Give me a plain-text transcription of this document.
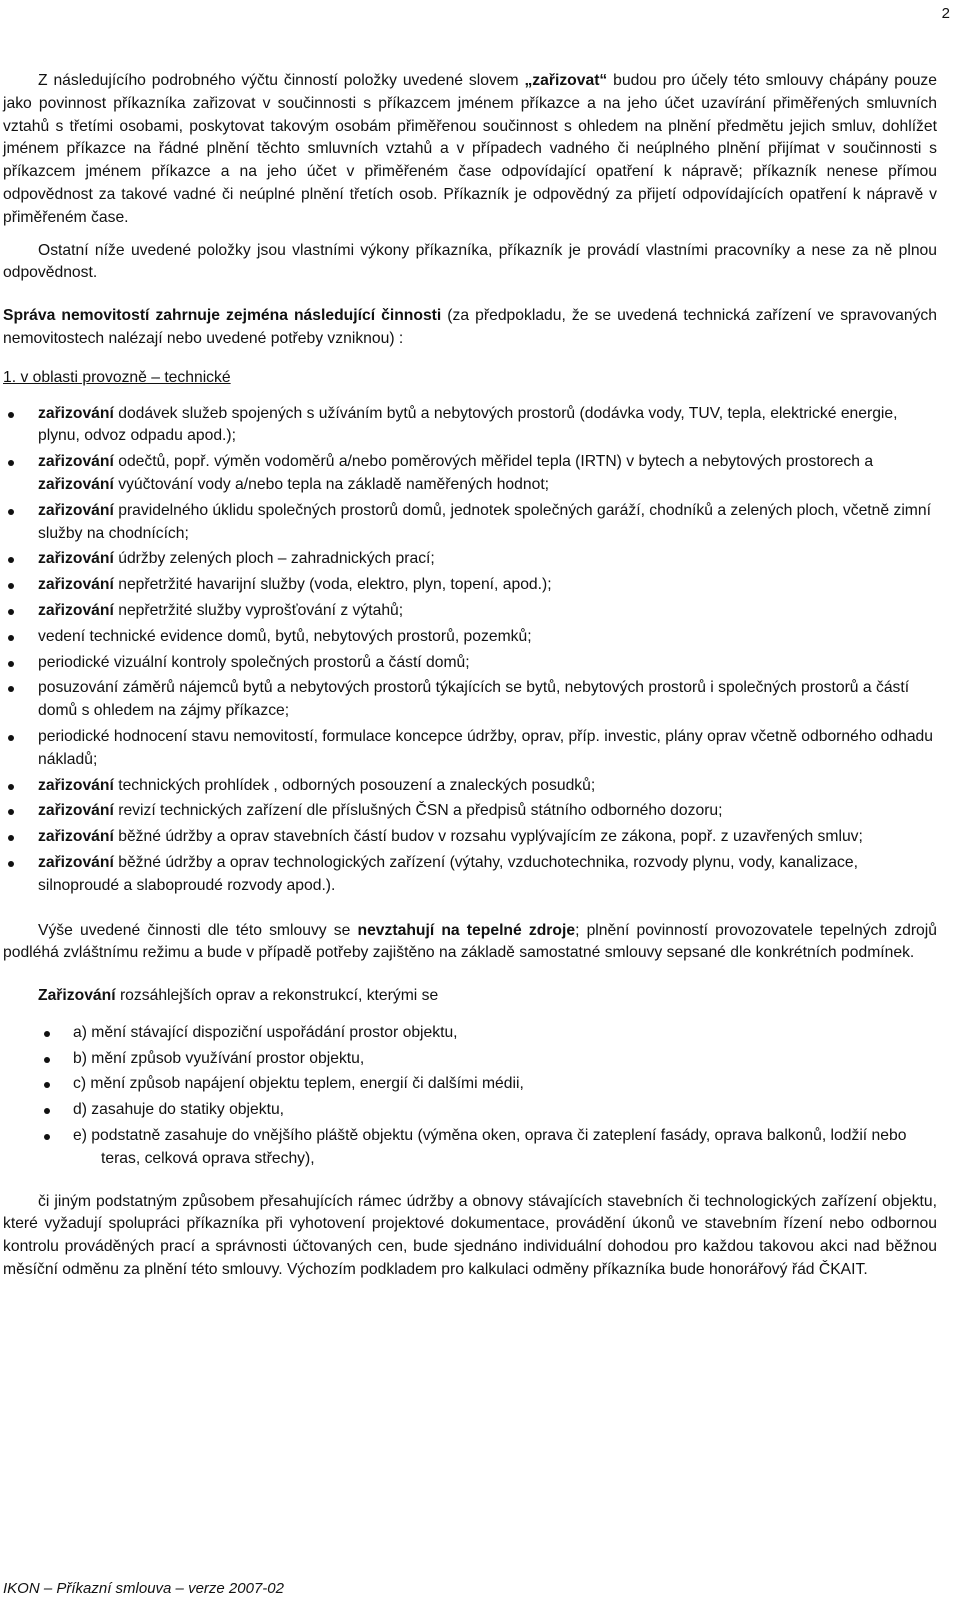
2

Z následujícího podrobného výčtu činností položky uvedené slovem „zařizovat“ budou pro účely této smlouvy chápány pouze jako povinnost příkazníka zařizovat v součinnosti s příkazcem jménem příkazce a na jeho účet uzavírání přiměřených smluvních vztahů s třetími osobami, poskytovat takovým osobám přiměřenou součinnost s ohledem na plnění předmětu jejich smluv, dohlížet jménem příkazce na řádné plnění těchto smluvních vztahů a v případech vadného či neúplného plnění přijímat v součinnosti s příkazcem jménem příkazce a na jeho účet v přiměřeném čase odpovídající opatření k nápravě; příkazník nenese přímou odpovědnost za takové vadné či neúplné plnění třetích osob. Příkazník je odpovědný za přijetí odpovídajících opatření k nápravě v přiměřeném čase.

Ostatní níže uvedené položky jsou vlastními výkony příkazníka, příkazník je provádí vlastními pracovníky a nese za ně plnou odpovědnost.

Správa nemovitostí zahrnuje zejména následující činnosti (za předpokladu, že se uvedená technická zařízení ve spravovaných nemovitostech nalézají nebo uvedené potřeby vzniknou) :

1. v oblasti provozně – technické

zařizování dodávek služeb spojených s užíváním bytů a nebytových prostorů (dodávka vody, TUV, tepla, elektrické energie, plynu, odvoz odpadu apod.);
zařizování odečtů, popř. výměn vodoměrů a/nebo poměrových měřidel tepla (IRTN) v bytech a nebytových prostorech a zařizování vyúčtování vody a/nebo tepla na základě naměřených hodnot;
zařizování pravidelného úklidu společných prostorů domů, jednotek společných garáží, chodníků a zelených ploch, včetně zimní služby na chodnících;
zařizování údržby zelených ploch – zahradnických prací;
zařizování nepřetržité havarijní služby (voda, elektro, plyn, topení, apod.);
zařizování nepřetržité služby vyprošťování z výtahů;
vedení technické evidence domů, bytů, nebytových prostorů, pozemků;
periodické vizuální kontroly společných prostorů a částí domů;
posuzování záměrů nájemců bytů a nebytových prostorů týkajících se bytů, nebytových prostorů i společných prostorů a částí domů s ohledem na zájmy příkazce;
periodické hodnocení stavu nemovitostí, formulace koncepce údržby, oprav, příp. investic, plány oprav včetně odborného odhadu nákladů;
zařizování technických prohlídek , odborných posouzení a znaleckých posudků;
zařizování revizí technických zařízení dle příslušných ČSN a předpisů státního odborného dozoru;
zařizování běžné údržby a oprav stavebních částí budov v rozsahu vyplývajícím ze zákona, popř. z uzavřených smluv;
zařizování běžné údržby a oprav technologických zařízení (výtahy, vzduchotechnika, rozvody plynu, vody, kanalizace, silnoproudé a slaboproudé rozvody apod.).

Výše uvedené činnosti dle této smlouvy se nevztahují na tepelné zdroje; plnění povinností provozovatele tepelných zdrojů podléhá zvláštnímu režimu a bude v případě potřeby zajištěno na základě samostatné smlouvy sepsané dle konkrétních podmínek.

Zařizování rozsáhlejších oprav a rekonstrukcí, kterými se

a) mění stávající dispoziční uspořádání prostor objektu,
b) mění způsob využívání prostor objektu,
c) mění způsob napájení objektu teplem, energií či dalšími médii,
d) zasahuje do statiky objektu,
e) podstatně zasahuje do vnějšího pláště objektu (výměna oken, oprava či zateplení fasády, oprava balkonů, lodžií nebo teras, celková oprava střechy),

či jiným podstatným způsobem přesahujících rámec údržby a obnovy stávajících stavebních či technologických zařízení objektu, které vyžadují spolupráci příkazníka při vyhotovení projektové dokumentace, provádění úkonů ve stavebním řízení nebo odbornou kontrolu prováděných prací a správnosti účtovaných cen, bude sjednáno individuální dohodou pro každou takovou akci nad běžnou měsíční odměnu za plnění této smlouvy. Výchozím podkladem pro kalkulaci odměny příkazníka bude honorářový řád ČKAIT.

IKON – Příkazní smlouva – verze 2007-02
